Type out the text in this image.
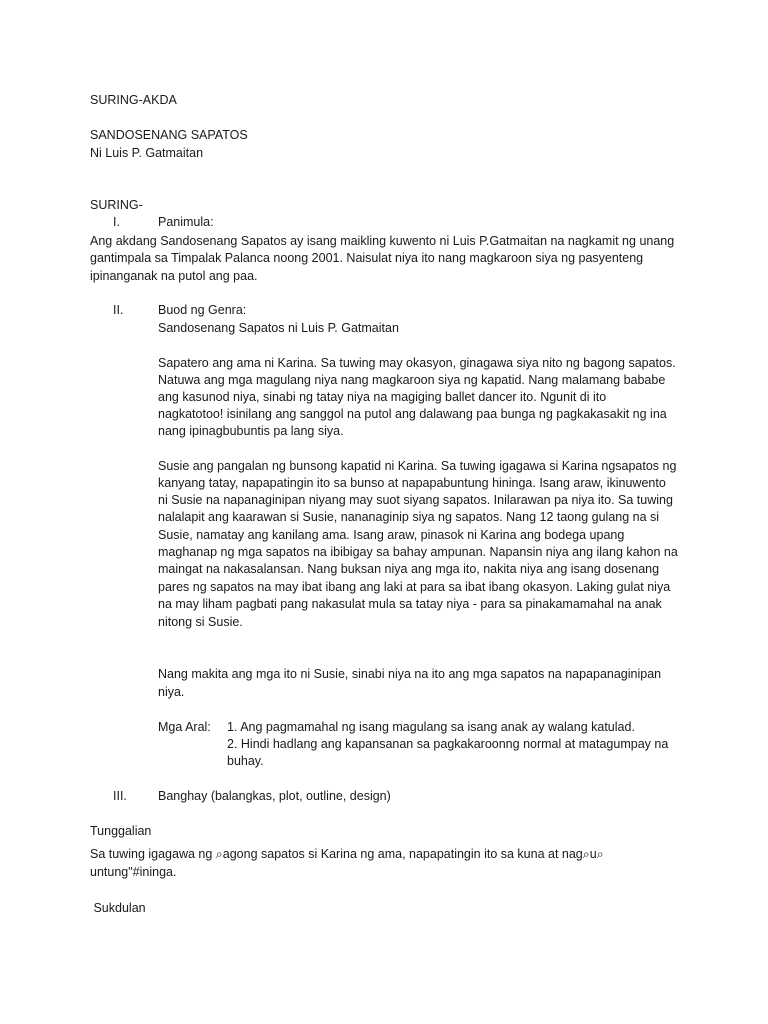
SURING-AKDA
SANDOSENANG SAPATOS
Ni Luis P. Gatmaitan
SURING-
I.	Panimula:
Ang akdang Sandosenang Sapatos ay isang maikling kuwento ni Luis P.Gatmaitan na nagkamit ng unang
gantimpala sa Timpalak Palanca noong 2001. Naisulat niya ito nang magkaroon siya ng pasyenteng
ipinanganak na putol ang paa.
II.	Buod ng Genra:
Sandosenang Sapatos ni Luis P. Gatmaitan
Sapatero ang ama ni Karina. Sa tuwing may okasyon, ginagawa siya nito ng bagong sapatos.
Natuwa ang mga magulang niya nang magkaroon siya ng kapatid. Nang malamang bababe
ang kasunod niya, sinabi ng tatay niya na magiging ballet dancer ito. Ngunit di ito
nagkatotoo! isinilang ang sanggol na putol ang dalawang paa bunga ng pagkakasakit ng ina
nang ipinagbubuntis pa lang siya.
Susie ang pangalan ng bunsong kapatid ni Karina. Sa tuwing igagawa si Karina ngsapatos ng
kanyang tatay, napapatingin ito sa bunso at napapabuntung hininga. Isang araw, ikinuwento
ni Susie na napanaginipan niyang may suot siyang sapatos. Inilarawan pa niya ito. Sa tuwing
nalalapit ang kaarawan si Susie, nananaginip siya ng sapatos. Nang 12 taong gulang na si
Susie, namatay ang kanilang ama. Isang araw, pinasok ni Karina ang bodega upang
maghanap ng mga sapatos na ibibigay sa bahay ampunan. Napansin niya ang ilang kahon na
maingat na nakasalansan. Nang buksan niya ang mga ito, nakita niya ang isang dosenang
pares ng sapatos na may ibat ibang ang laki at para sa ibat ibang okasyon. Laking gulat niya
na may liham pagbati pang nakasulat mula sa tatay niya - para sa pinakamamahal na anak
nitong si Susie.
Nang makita ang mga ito ni Susie, sinabi niya na ito ang mga sapatos na napapanaginipan
niya.
Mga Aral: 1. Ang pagmamahal ng isang magulang sa isang anak ay walang katulad.
2. Hindi hadlang ang kapansanan sa pagkakaroonng normal at matagumpay na
buhay.
III. Banghay (balangkas, plot, outline, design)
Tunggalian
Sa tuwing igagawa ng ⌕agong sapatos si Karina ng ama, napapatingin ito sa kuna at nag⌕u⌕
untung"#ininga.
Sukdulan
